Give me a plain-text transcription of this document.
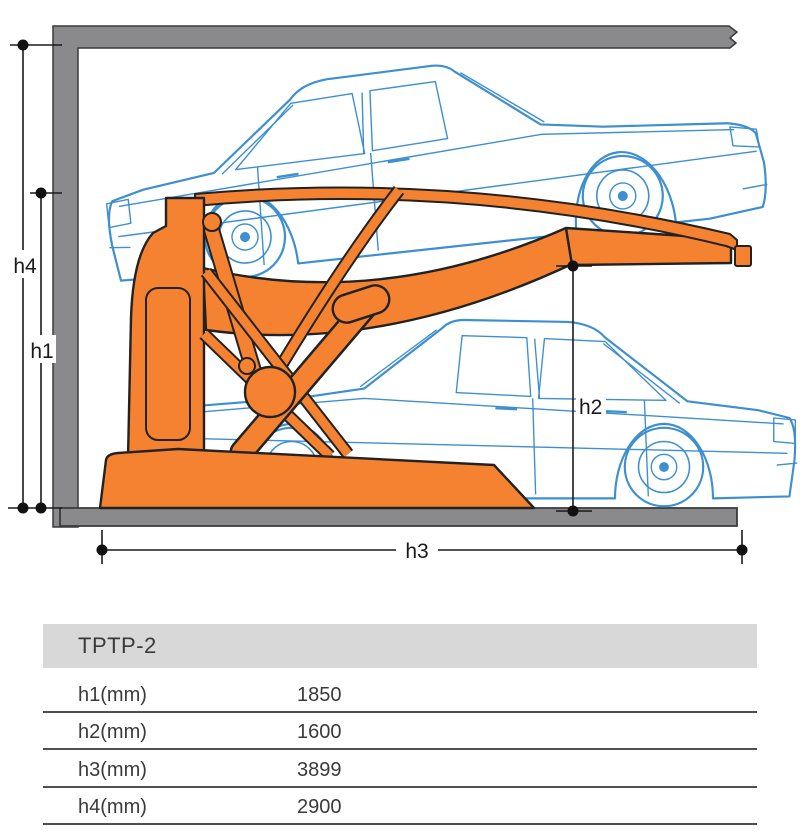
h4
h1
h2
h3
TPTP-2
h1(mm)	1850
h2(mm)	1600
h3(mm)	3899
h4(mm)	2900
